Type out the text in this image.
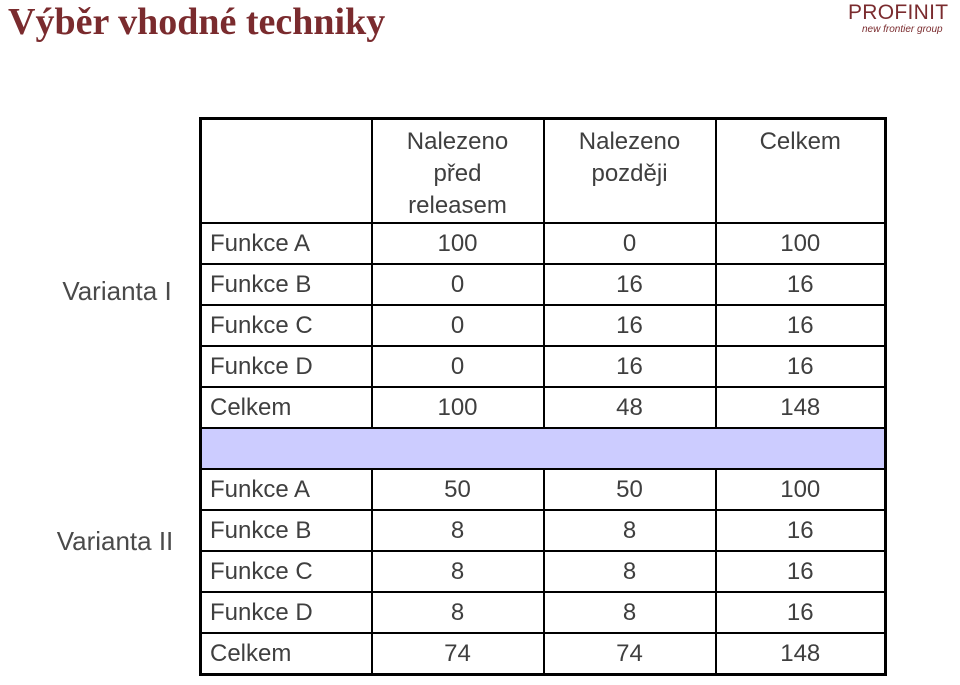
Výběr vhodné techniky	PROFINIT
new frontier group
Varianta I
Varianta II
	Nalezeno před releasem	Nalezeno později	Celkem
Funkce A	100	0	100
Funkce B	0	16	16
Funkce C	0	16	16
Funkce D	0	16	16
Celkem	100	48	148

Funkce A	50	50	100
Funkce B	8	8	16
Funkce C	8	8	16
Funkce D	8	8	16
Celkem	74	74	148
